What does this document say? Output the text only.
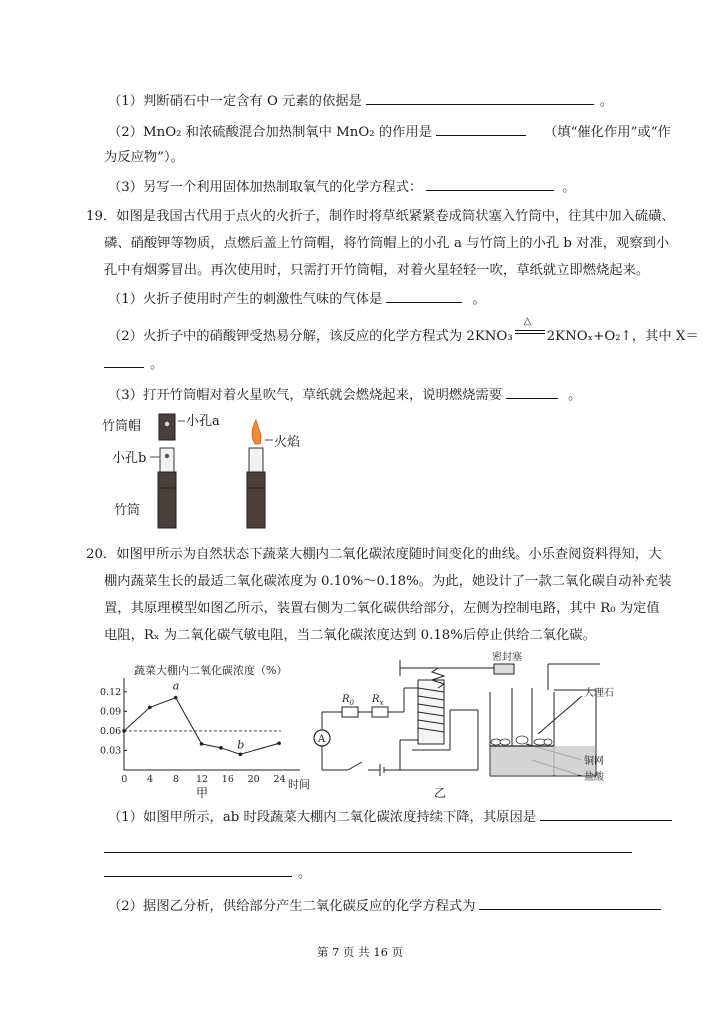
（1）判断硝石中一定含有 O 元素的依据是	。
（2）MnO₂ 和浓硫酸混合加热制氧中 MnO₂ 的作用是	（填“催化作用”或“作
为反应物”）。
（3）另写一个利用固体加热制取氧气的化学方程式：	。
19．如图是我国古代用于点火的火折子，制作时将草纸紧紧卷成筒状塞入竹筒中，往其中加入硫磺、
磷、硝酸钾等物质，点燃后盖上竹筒帽，将竹筒帽上的小孔 a 与竹筒上的小孔 b 对准，观察到小
孔中有烟雾冒出。再次使用时，只需打开竹筒帽，对着火星轻轻一吹，草纸就立即燃烧起来。
（1）火折子使用时产生的刺激性气味的气体是	。
（2）火折子中的硝酸钾受热易分解，该反应的化学方程式为 2KNO₃
△
2KNOₓ+O₂↑，其中 X＝
。
（3）打开竹筒帽对着火星吹气，草纸就会燃烧起来，说明燃烧需要	。
竹筒帽	小孔a
小孔b
竹筒
火焰
20．如图甲所示为自然状态下蔬菜大棚内二氧化碳浓度随时间变化的曲线。小乐查阅资料得知，大
棚内蔬菜生长的最适二氧化碳浓度为 0.10%～0.18%。为此，她设计了一款二氧化碳自动补充装
置，其原理模型如图乙所示，装置右侧为二氧化碳供给部分，左侧为控制电路，其中 R₀ 为定值
电阻，Rₓ 为二氧化碳气敏电阻，当二氧化碳浓度达到 0.18%后停止供给二氧化碳。
蔬菜大棚内二氧化碳浓度（%）
0 4 8 12 16 20 24
0.03
0.06
0.09
0.12	a
b
时间
甲
A
$R_0$ $R_x$
密封塞
大理石
铜网
盐酸
乙
（1）如图甲所示，ab 时段蔬菜大棚内二氧化碳浓度持续下降，其原因是
。
（2）据图乙分析，供给部分产生二氧化碳反应的化学方程式为
第 7 页 共 16 页
